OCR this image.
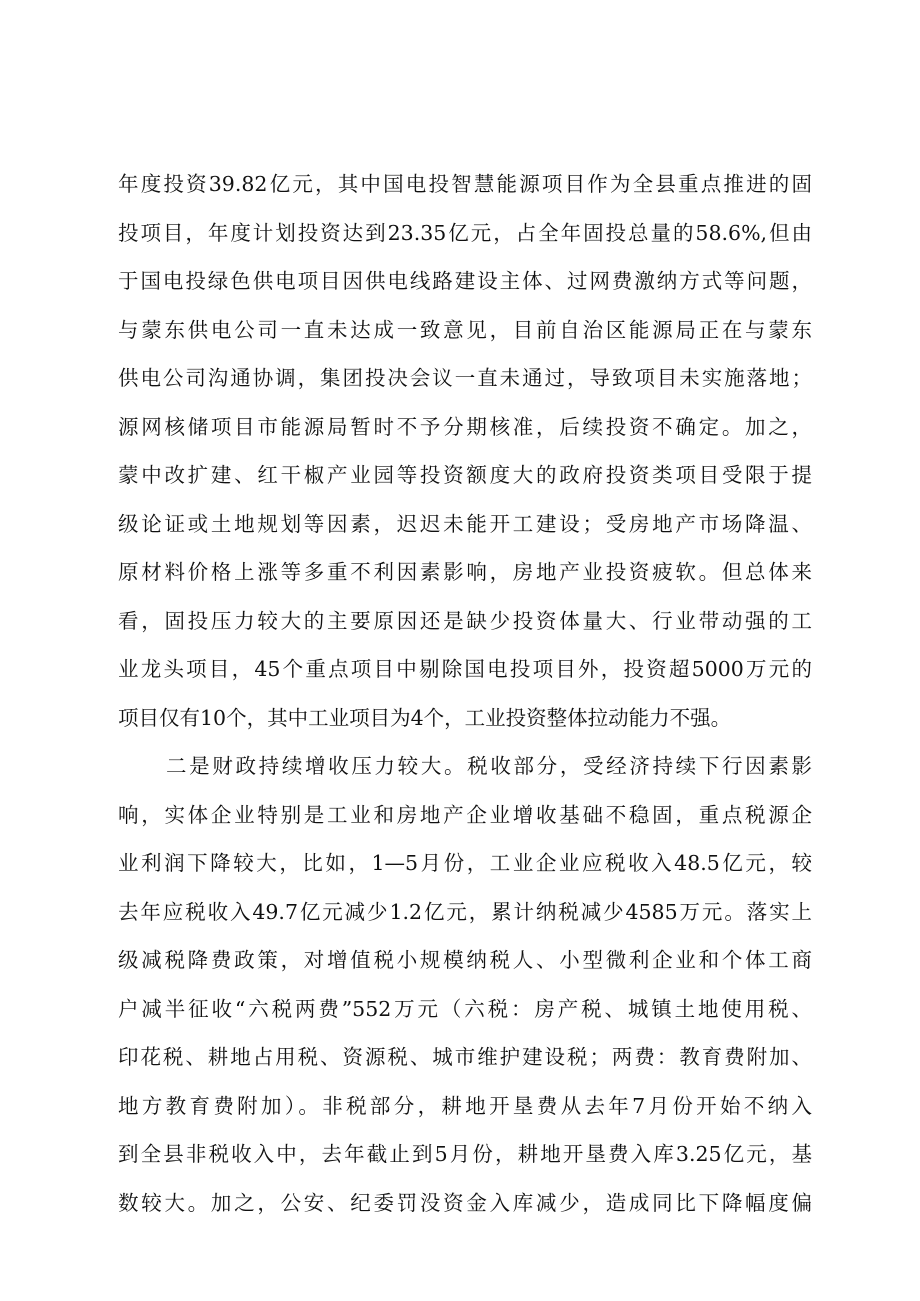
年度投资39.82亿元，其中国电投智慧能源项目作为全县重点推进的固
投项目，年度计划投资达到23.35亿元，占全年固投总量的58.6%,但由
于国电投绿色供电项目因供电线路建设主体、过网费激纳方式等问题，
与蒙东供电公司一直未达成一致意见，目前自治区能源局正在与蒙东
供电公司沟通协调，集团投决会议一直未通过，导致项目未实施落地；
源网核储项目市能源局暂时不予分期核准，后续投资不确定。加之，
蒙中改扩建、红干椒产业园等投资额度大的政府投资类项目受限于提
级论证或土地规划等因素，迟迟未能开工建设；受房地产市场降温、
原材料价格上涨等多重不利因素影响，房地产业投资疲软。但总体来
看，固投压力较大的主要原因还是缺少投资体量大、行业带动强的工
业龙头项目，45个重点项目中剔除国电投项目外，投资超5000万元的
项目仅有10个，其中工业项目为4个，工业投资整体拉动能力不强。
二是财政持续增收压力较大。税收部分，受经济持续下行因素影
响，实体企业特别是工业和房地产企业增收基础不稳固，重点税源企
业利润下降较大，比如，1—5月份，工业企业应税收入48.5亿元，较
去年应税收入49.7亿元减少1.2亿元，累计纳税减少4585万元。落实上
级减税降费政策，对增值税小规模纳税人、小型微利企业和个体工商
户减半征收“六税两费”552万元（六税：房产税、城镇土地使用税、
印花税、耕地占用税、资源税、城市维护建设税；两费：教育费附加、
地方教育费附加）。非税部分，耕地开垦费从去年7月份开始不纳入
到全县非税收入中，去年截止到5月份，耕地开垦费入库3.25亿元，基
数较大。加之，公安、纪委罚没资金入库减少，造成同比下降幅度偏
